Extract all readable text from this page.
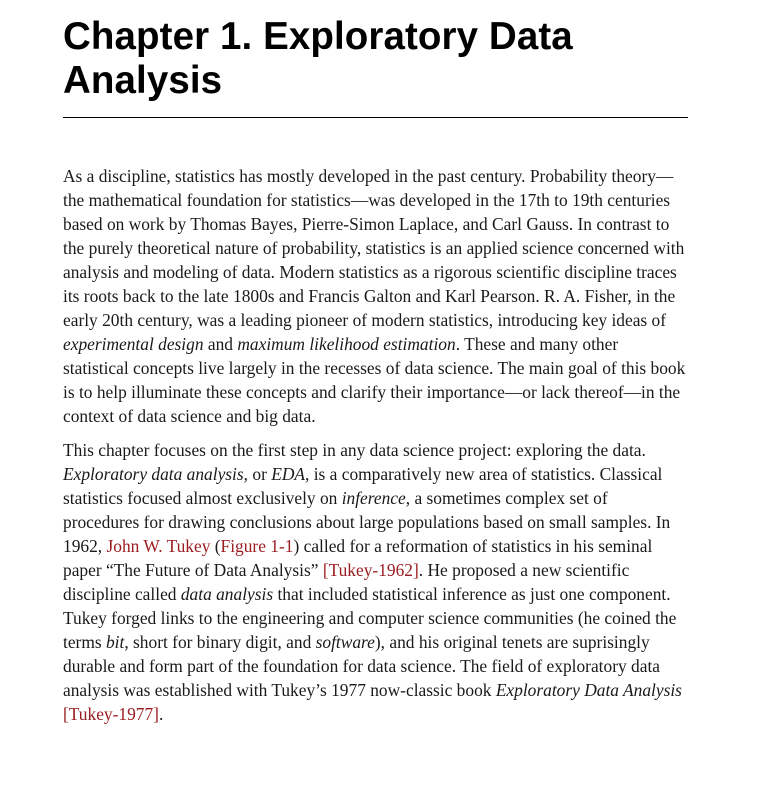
Chapter 1. Exploratory Data Analysis

As a discipline, statistics has mostly developed in the past century. Probability theory—the mathematical foundation for statistics—was developed in the 17th to 19th centuries based on work by Thomas Bayes, Pierre-Simon Laplace, and Carl Gauss. In contrast to the purely theoretical nature of probability, statistics is an applied science concerned with analysis and modeling of data. Modern statistics as a rigorous scientific discipline traces its roots back to the late 1800s and Francis Galton and Karl Pearson. R. A. Fisher, in the early 20th century, was a leading pioneer of modern statistics, introducing key ideas of experimental design and maximum likelihood estimation. These and many other statistical concepts live largely in the recesses of data science. The main goal of this book is to help illuminate these concepts and clarify their importance—or lack thereof—in the context of data science and big data.

This chapter focuses on the first step in any data science project: exploring the data. Exploratory data analysis, or EDA, is a comparatively new area of statistics. Classical statistics focused almost exclusively on inference, a sometimes complex set of procedures for drawing conclusions about large populations based on small samples. In 1962, John W. Tukey (Figure 1-1) called for a reformation of statistics in his seminal paper “The Future of Data Analysis” [Tukey-1962]. He proposed a new scientific discipline called data analysis that included statistical inference as just one component. Tukey forged links to the engineering and computer science communities (he coined the terms bit, short for binary digit, and software), and his original tenets are suprisingly durable and form part of the foundation for data science. The field of exploratory data analysis was established with Tukey’s 1977 now-classic book Exploratory Data Analysis [Tukey-1977].
